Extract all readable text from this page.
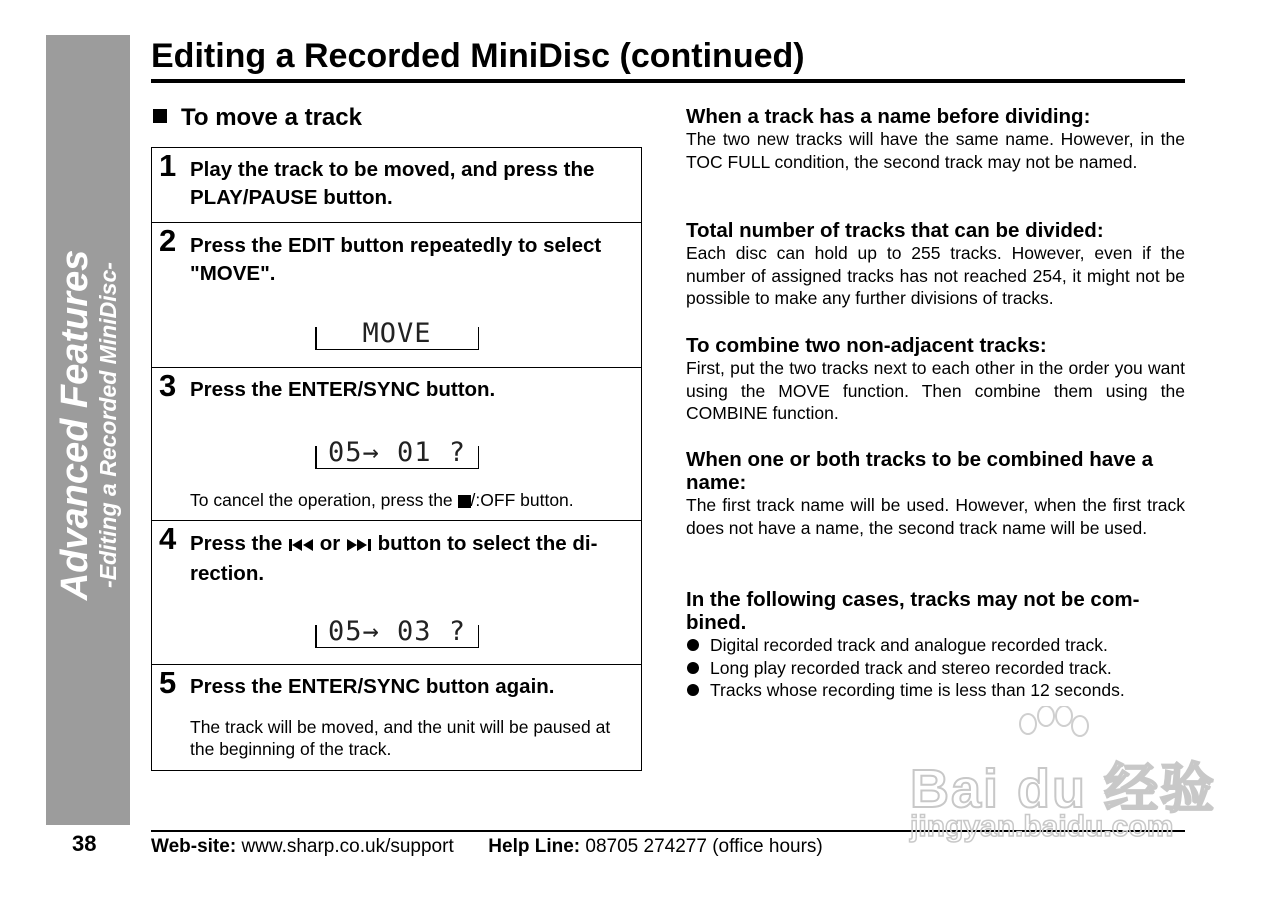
Advanced Features -Editing a Recorded MiniDisc-
38
Editing a Recorded MiniDisc (continued)
To move a track
1 Play the track to be moved, and press the PLAY/PAUSE button.
2 Press the EDIT button repeatedly to select "MOVE".
MOVE
3 Press the ENTER/SYNC button.
05→ 01 ?
To cancel the operation, press the /:OFF button.
4 Press the or button to select the di-rection.
05→ 03 ?
5 Press the ENTER/SYNC button again.
The track will be moved, and the unit will be paused at the beginning of the track.
When a track has a name before dividing:

The two new tracks will have the same name. However, in the TOC FULL condition, the second track may not be named.

Total number of tracks that can be divided:

Each disc can hold up to 255 tracks. However, even if the number of assigned tracks has not reached 254, it might not be possible to make any further divisions of tracks.

To combine two non-adjacent tracks:

First, put the two tracks next to each other in the order you want using the MOVE function. Then combine them using the COMBINE function.

When one or both tracks to be combined have a name:

The first track name will be used. However, when the first track does not have a name, the second track name will be used.

In the following cases, tracks may not be com-bined.
Digital recorded track and analogue recorded track.
Long play recorded track and stereo recorded track.
Tracks whose recording time is less than 12 seconds.
Web-site: www.sharp.co.uk/support Help Line: 08705 274277 (office hours)
Bai du 经验
jingyan.baidu.com
